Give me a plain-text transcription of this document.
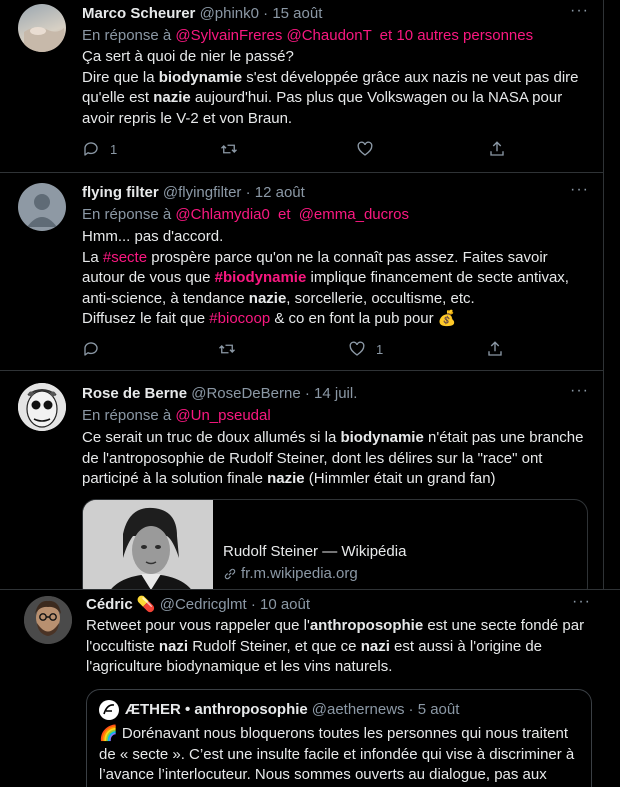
Marco Scheurer @phink0 · 15 août	···
En réponse à @SylvainFreres @ChaudonT et 10 autres personnes
Ça sert à quoi de nier le passé?
Dire que la biodynamie s'est développée grâce aux nazis ne veut pas dire
qu'elle est nazie aujourd'hui. Pas plus que Volkswagen ou la NASA pour
avoir repris le V-2 et von Braun.
1
flying filter @flyingfilter · 12 août	···
En réponse à @Chlamydia0 et @emma_ducros
Hmm... pas d'accord.
La #secte prospère parce qu'on ne la connaît pas assez. Faites savoir
autour de vous que #biodynamie implique financement de secte antivax,
anti-science, à tendance nazie, sorcellerie, occultisme, etc.
Diffusez le fait que #biocoop & co en font la pub pour 💰
1
Rose de Berne @RoseDeBerne · 14 juil.	···
En réponse à @Un_pseudal
Ce serait un truc de doux allumés si la biodynamie n'était pas une branche
de l'antroposophie de Rudolf Steiner, dont les délires sur la "race" ont
participé à la solution finale nazie (Himmler était un grand fan)
Rudolf Steiner — Wikipédia
fr.m.wikipedia.org
Cédric 💊 @Cedricglmt · 10 août	···
Retweet pour vous rappeler que l'anthroposophie est une secte fondé par
l'occultiste nazi Rudolf Steiner, et que ce nazi est aussi à l'origine de
l'agriculture biodynamique et les vins naturels.
ÆTHER • anthroposophie @aethernews · 5 août
🌈 Dorénavant nous bloquerons toutes les personnes qui nous traitent
de « secte ». C’est une insulte facile et infondée qui vise à discriminer à
l’avance l’interlocuteur. Nous sommes ouverts au dialogue, pas aux
